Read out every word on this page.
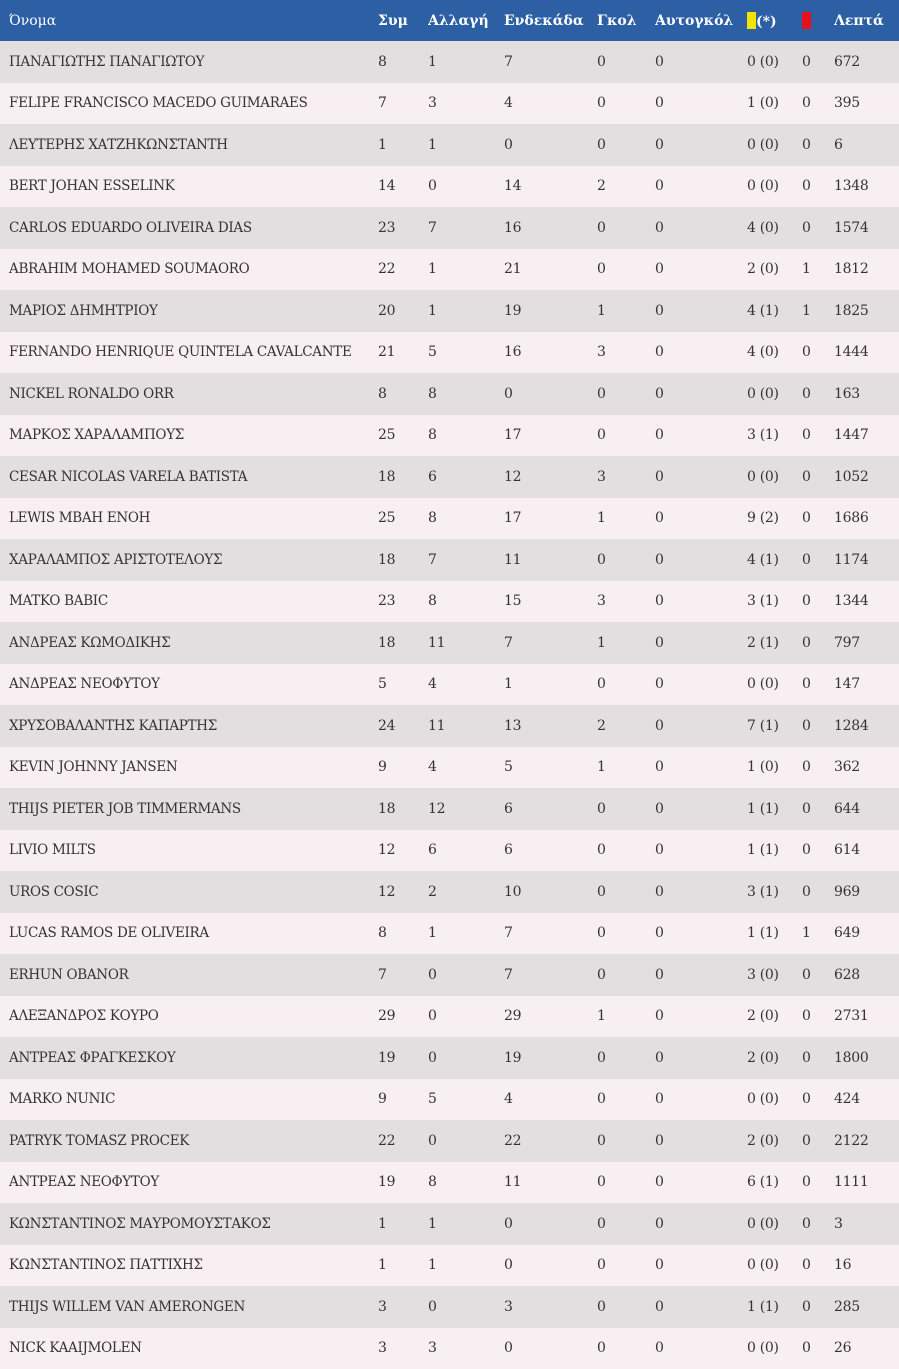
Όνομα	Συμ	Αλλαγή	Ενδεκάδα	Γκολ	Αυτογκόλ	(*)		Λεπτά
ΠΑΝΑΓΙΩΤΗΣ ΠΑΝΑΓΙΩΤΟΥ	8	1	7	0	0	0 (0)	0	672
FELIPE FRANCISCO MACEDO GUIMARAES	7	3	4	0	0	1 (0)	0	395
ΛΕΥΤΕΡΗΣ ΧΑΤΖΗΚΩΝΣΤΑΝΤΗ	1	1	0	0	0	0 (0)	0	6
BERT JOHAN ESSELINK	14	0	14	2	0	0 (0)	0	1348
CARLOS EDUARDO OLIVEIRA DIAS	23	7	16	0	0	4 (0)	0	1574
ABRAHIM MOHAMED SOUMAORO	22	1	21	0	0	2 (0)	1	1812
ΜΑΡΙΟΣ ΔΗΜΗΤΡΙΟΥ	20	1	19	1	0	4 (1)	1	1825
FERNANDO HENRIQUE QUINTELA CAVALCANTE	21	5	16	3	0	4 (0)	0	1444
NICKEL RONALDO ORR	8	8	0	0	0	0 (0)	0	163
ΜΑΡΚΟΣ ΧΑΡΑΛΑΜΠΟΥΣ	25	8	17	0	0	3 (1)	0	1447
CESAR NICOLAS VARELA BATISTA	18	6	12	3	0	0 (0)	0	1052
LEWIS MBAH ENOH	25	8	17	1	0	9 (2)	0	1686
ΧΑΡΑΛΑΜΠΟΣ ΑΡΙΣΤΟΤΕΛΟΥΣ	18	7	11	0	0	4 (1)	0	1174
MATKO BABIC	23	8	15	3	0	3 (1)	0	1344
ΑΝΔΡΕΑΣ ΚΩΜΟΔΙΚΗΣ	18	11	7	1	0	2 (1)	0	797
ΑΝΔΡΕΑΣ ΝΕΟΦΥΤΟΥ	5	4	1	0	0	0 (0)	0	147
ΧΡΥΣΟΒΑΛΑΝΤΗΣ ΚΑΠΑΡΤΗΣ	24	11	13	2	0	7 (1)	0	1284
KEVIN JOHNNY JANSEN	9	4	5	1	0	1 (0)	0	362
THIJS PIETER JOB TIMMERMANS	18	12	6	0	0	1 (1)	0	644
LIVIO MILTS	12	6	6	0	0	1 (1)	0	614
UROS COSIC	12	2	10	0	0	3 (1)	0	969
LUCAS RAMOS DE OLIVEIRA	8	1	7	0	0	1 (1)	1	649
ERHUN OBANOR	7	0	7	0	0	3 (0)	0	628
ΑΛΕΞΑΝΔΡΟΣ ΚΟΥΡΟ	29	0	29	1	0	2 (0)	0	2731
ΑΝΤΡΕΑΣ ΦΡΑΓΚΕΣΚΟΥ	19	0	19	0	0	2 (0)	0	1800
MARKO NUNIC	9	5	4	0	0	0 (0)	0	424
PATRYK TOMASZ PROCEK	22	0	22	0	0	2 (0)	0	2122
ΑΝΤΡΕΑΣ ΝΕΟΦΥΤΟΥ	19	8	11	0	0	6 (1)	0	1111
ΚΩΝΣΤΑΝΤΙΝΟΣ ΜΑΥΡΟΜΟΥΣΤΑΚΟΣ	1	1	0	0	0	0 (0)	0	3
ΚΩΝΣΤΑΝΤΙΝΟΣ ΠΑΤΤΙΧΗΣ	1	1	0	0	0	0 (0)	0	16
THIJS WILLEM VAN AMERONGEN	3	0	3	0	0	1 (1)	0	285
NICK KAAIJMOLEN	3	3	0	0	0	0 (0)	0	26
